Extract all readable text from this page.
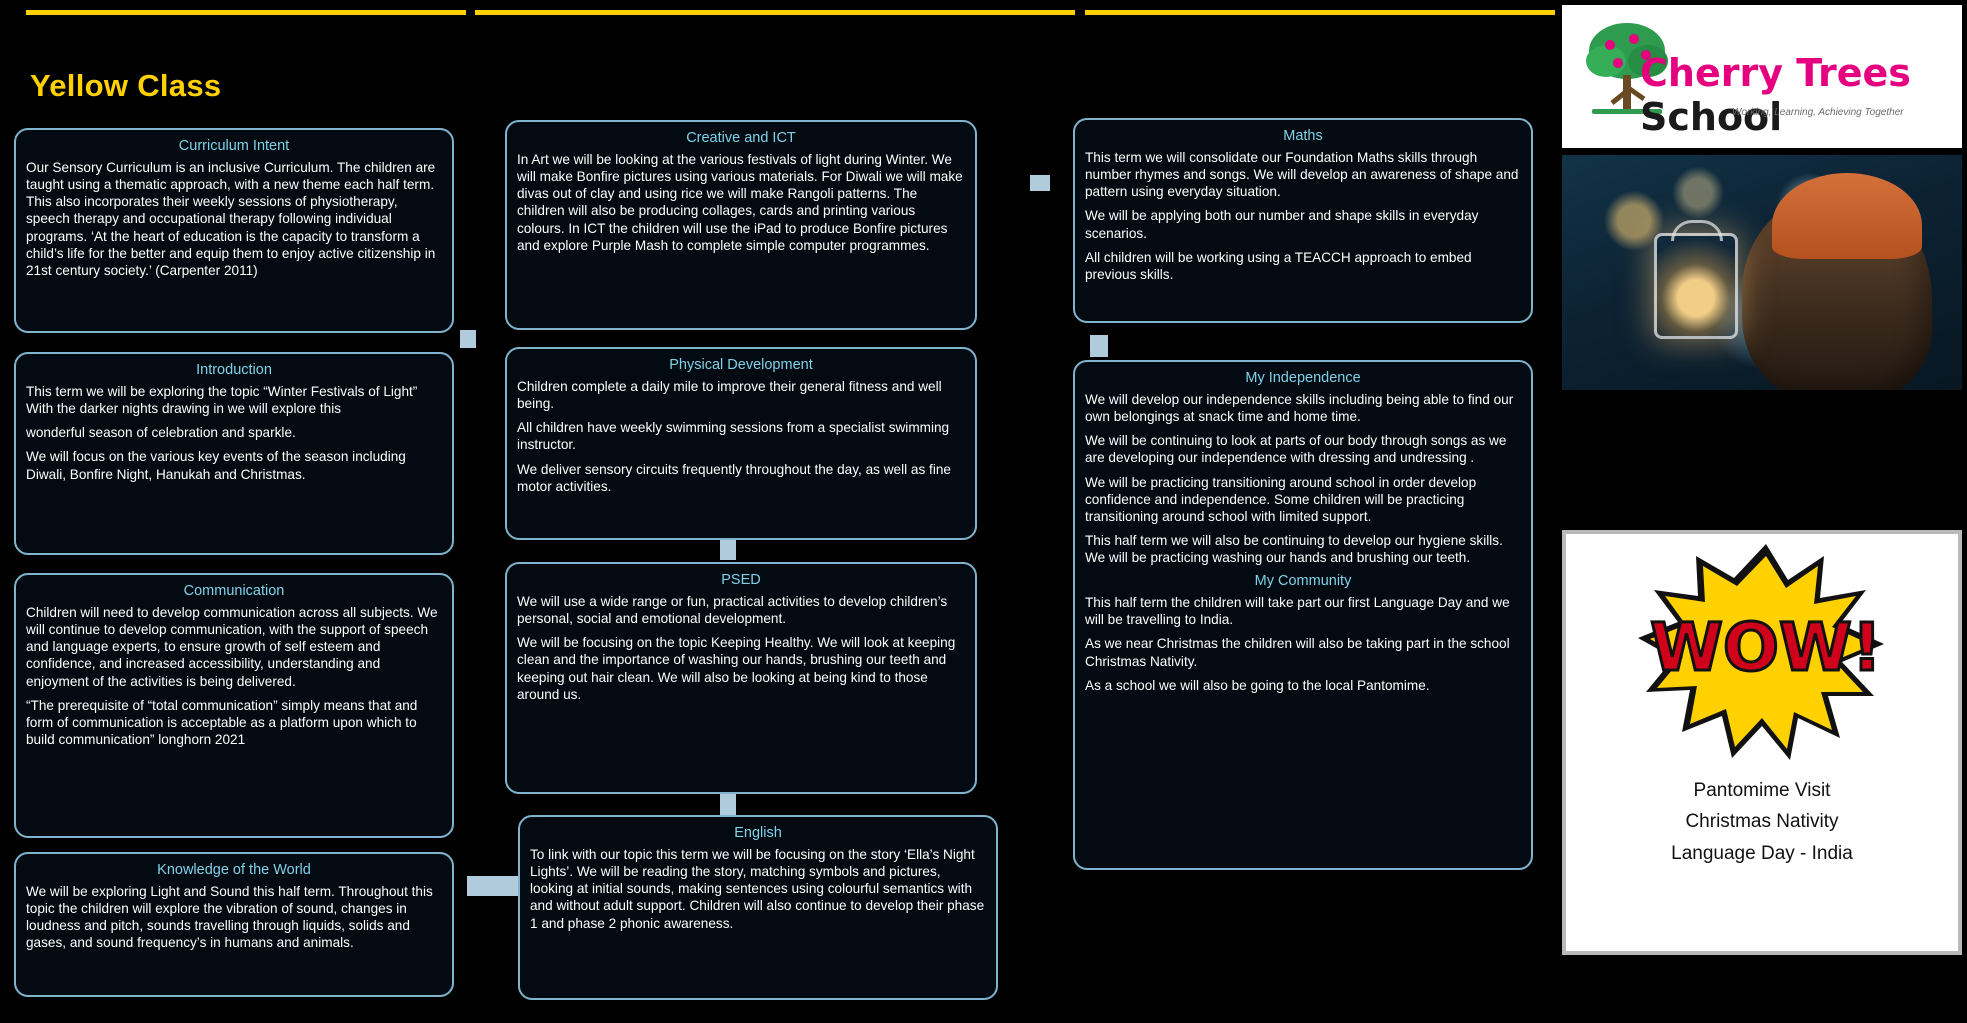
Yellow Class
Curriculum Intent

Our Sensory Curriculum is an inclusive Curriculum. The children are taught using a thematic approach, with a new theme each half term. This also incorporates their weekly sessions of physiotherapy, speech therapy and occupational therapy following individual programs. ‘At the heart of education is the capacity to transform a child’s life for the better and equip them to enjoy active citizenship in 21st century society.’ (Carpenter 2011)

Introduction

This term we will be exploring the topic “Winter Festivals of Light” With the darker nights drawing in we will explore this

wonderful season of celebration and sparkle.

We will focus on the various key events of the season including Diwali, Bonfire Night, Hanukah and Christmas.

Communication

Children will need to develop communication across all subjects. We will continue to develop communication, with the support of speech and language experts, to ensure growth of self esteem and confidence, and increased accessibility, understanding and enjoyment of the activities is being delivered.

“The prerequisite of “total communication” simply means that and form of communication is acceptable as a platform upon which to build communication” longhorn 2021

Knowledge of the World

We will be exploring Light and Sound this half term. Throughout this topic the children will explore the vibration of sound, changes in loudness and pitch, sounds travelling through liquids, solids and gases, and sound frequency’s in humans and animals.

Creative and ICT

In Art we will be looking at the various festivals of light during Winter. We will make Bonfire pictures using various materials. For Diwali we will make divas out of clay and using rice we will make Rangoli patterns. The children will also be producing collages, cards and printing various colours. In ICT the children will use the iPad to produce Bonfire pictures and explore Purple Mash to complete simple computer programmes.

Physical Development

Children complete a daily mile to improve their general fitness and well being.

All children have weekly swimming sessions from a specialist swimming instructor.

We deliver sensory circuits frequently throughout the day, as well as fine motor activities.

PSED

We will use a wide range or fun, practical activities to develop children’s personal, social and emotional development.

We will be focusing on the topic Keeping Healthy. We will look at keeping clean and the importance of washing our hands, brushing our teeth and keeping out hair clean. We will also be looking at being kind to those around us.

English

To link with our topic this term we will be focusing on the story ‘Ella’s Night Lights’. We will be reading the story, matching symbols and pictures, looking at initial sounds, making sentences using colourful semantics with and without adult support. Children will also continue to develop their phase 1 and phase 2 phonic awareness.

Maths

This term we will consolidate our Foundation Maths skills through number rhymes and songs. We will develop an awareness of shape and pattern using everyday situation.

We will be applying both our number and shape skills in everyday scenarios.

All children will be working using a TEACCH approach to embed previous skills.

My Independence

We will develop our independence skills including being able to find our own belongings at snack time and home time.

We will be continuing to look at parts of our body through songs as we are developing our independence with dressing and undressing .

We will be practicing transitioning around school in order develop confidence and independence. Some children will be practicing transitioning around school with limited support.

This half term we will also be continuing to develop our hygiene skills. We will be practicing washing our hands and brushing our teeth.

My Community

This half term the children will take part our first Language Day and we will be travelling to India.

As we near Christmas the children will also be taking part in the school Christmas Nativity.

As a school we will also be going to the local Pantomime.

Cherry Trees School
Working, Learning, Achieving Together
WOW!
Pantomime Visit
Christmas Nativity
Language Day - India
